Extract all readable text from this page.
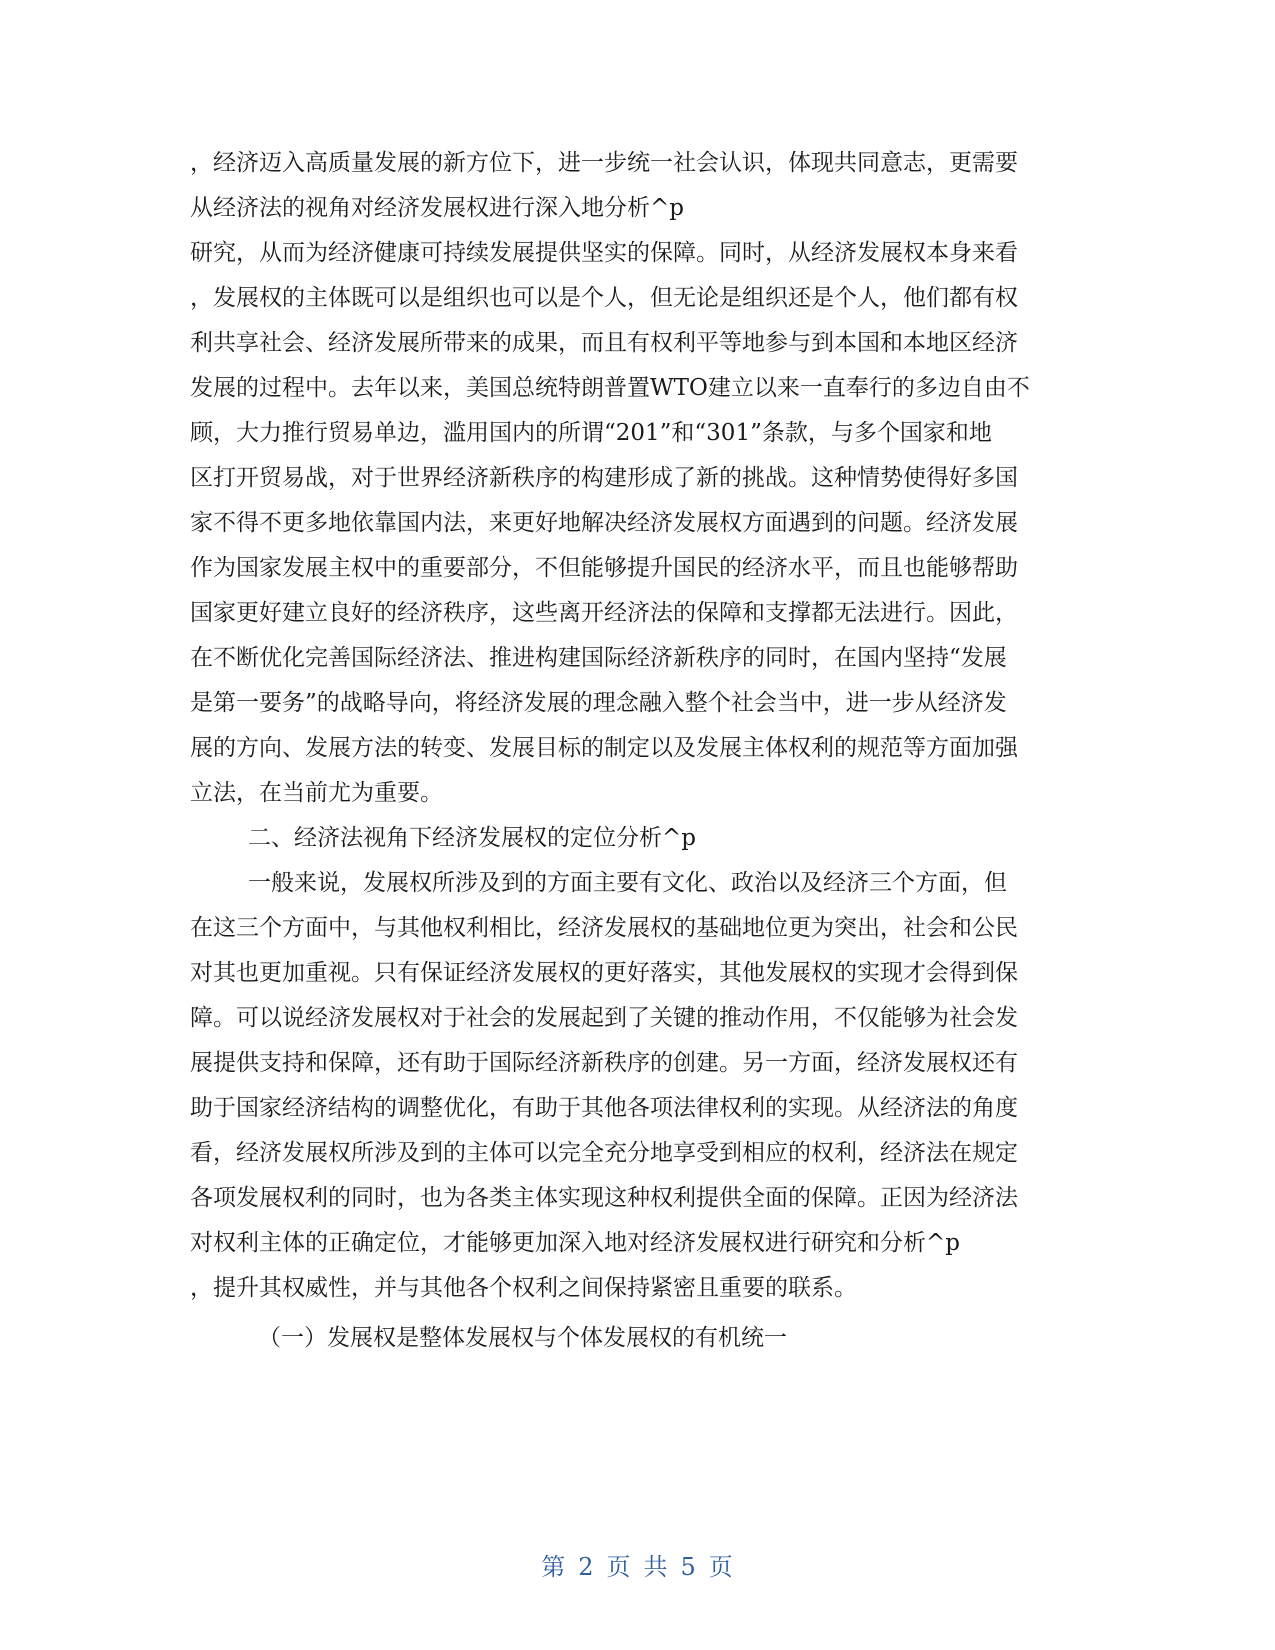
，经济迈入高质量发展的新方位下，进一步统一社会认识，体现共同意志，更需要
从经济法的视角对经济发展权进行深入地分析^p
研究，从而为经济健康可持续发展提供坚实的保障。同时，从经济发展权本身来看
，发展权的主体既可以是组织也可以是个人，但无论是组织还是个人，他们都有权
利共享社会、经济发展所带来的成果，而且有权利平等地参与到本国和本地区经济
发展的过程中。去年以来，美国总统特朗普置WTO建立以来一直奉行的多边自由不
顾，大力推行贸易单边，滥用国内的所谓“201”和“301”条款，与多个国家和地
区打开贸易战，对于世界经济新秩序的构建形成了新的挑战。这种情势使得好多国
家不得不更多地依靠国内法，来更好地解决经济发展权方面遇到的问题。经济发展
作为国家发展主权中的重要部分，不但能够提升国民的经济水平，而且也能够帮助
国家更好建立良好的经济秩序，这些离开经济法的保障和支撑都无法进行。因此，
在不断优化完善国际经济法、推进构建国际经济新秩序的同时，在国内坚持“发展
是第一要务”的战略导向，将经济发展的理念融入整个社会当中，进一步从经济发
展的方向、发展方法的转变、发展目标的制定以及发展主体权利的规范等方面加强
立法，在当前尤为重要。
二、经济法视角下经济发展权的定位分析^p
一般来说，发展权所涉及到的方面主要有文化、政治以及经济三个方面，但
在这三个方面中，与其他权利相比，经济发展权的基础地位更为突出，社会和公民
对其也更加重视。只有保证经济发展权的更好落实，其他发展权的实现才会得到保
障。可以说经济发展权对于社会的发展起到了关键的推动作用，不仅能够为社会发
展提供支持和保障，还有助于国际经济新秩序的创建。另一方面，经济发展权还有
助于国家经济结构的调整优化，有助于其他各项法律权利的实现。从经济法的角度
看，经济发展权所涉及到的主体可以完全充分地享受到相应的权利，经济法在规定
各项发展权利的同时，也为各类主体实现这种权利提供全面的保障。正因为经济法
对权利主体的正确定位，才能够更加深入地对经济发展权进行研究和分析^p
，提升其权威性，并与其他各个权利之间保持紧密且重要的联系。
（一）发展权是整体发展权与个体发展权的有机统一
第 2 页 共 5 页
